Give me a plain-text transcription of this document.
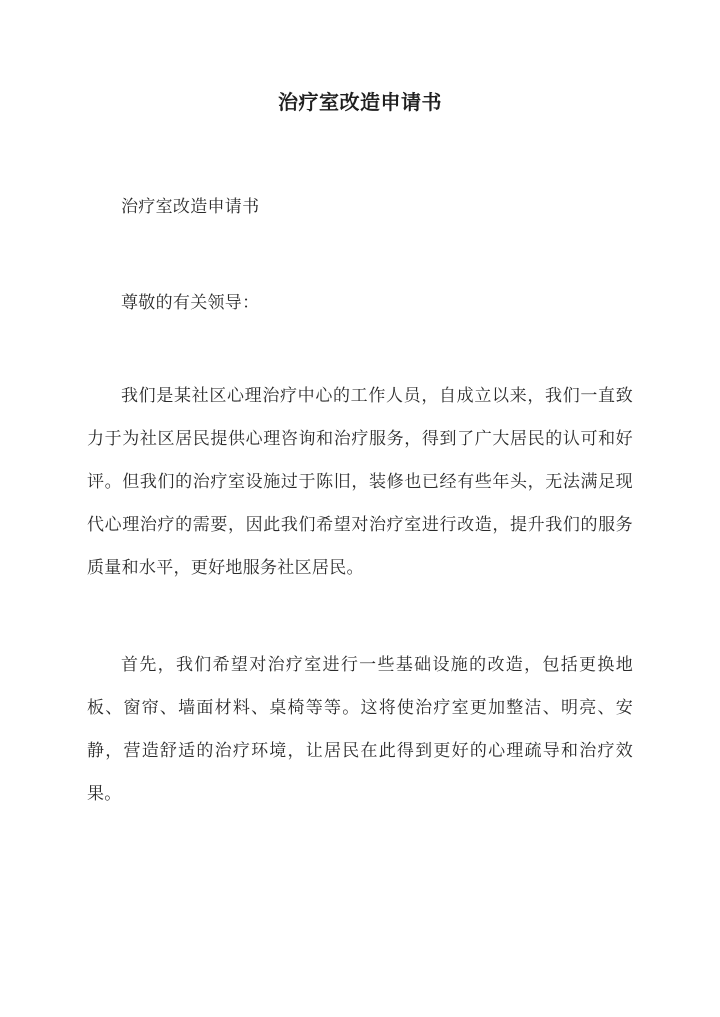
治疗室改造申请书

治疗室改造申请书

尊敬的有关领导：

我们是某社区心理治疗中心的工作人员，自成立以来，我们一直致力于为社区居民提供心理咨询和治疗服务，得到了广大居民的认可和好评。但我们的治疗室设施过于陈旧，装修也已经有些年头，无法满足现代心理治疗的需要，因此我们希望对治疗室进行改造，提升我们的服务质量和水平，更好地服务社区居民。

首先，我们希望对治疗室进行一些基础设施的改造，包括更换地板、窗帘、墙面材料、桌椅等等。这将使治疗室更加整洁、明亮、安静，营造舒适的治疗环境，让居民在此得到更好的心理疏导和治疗效果。
